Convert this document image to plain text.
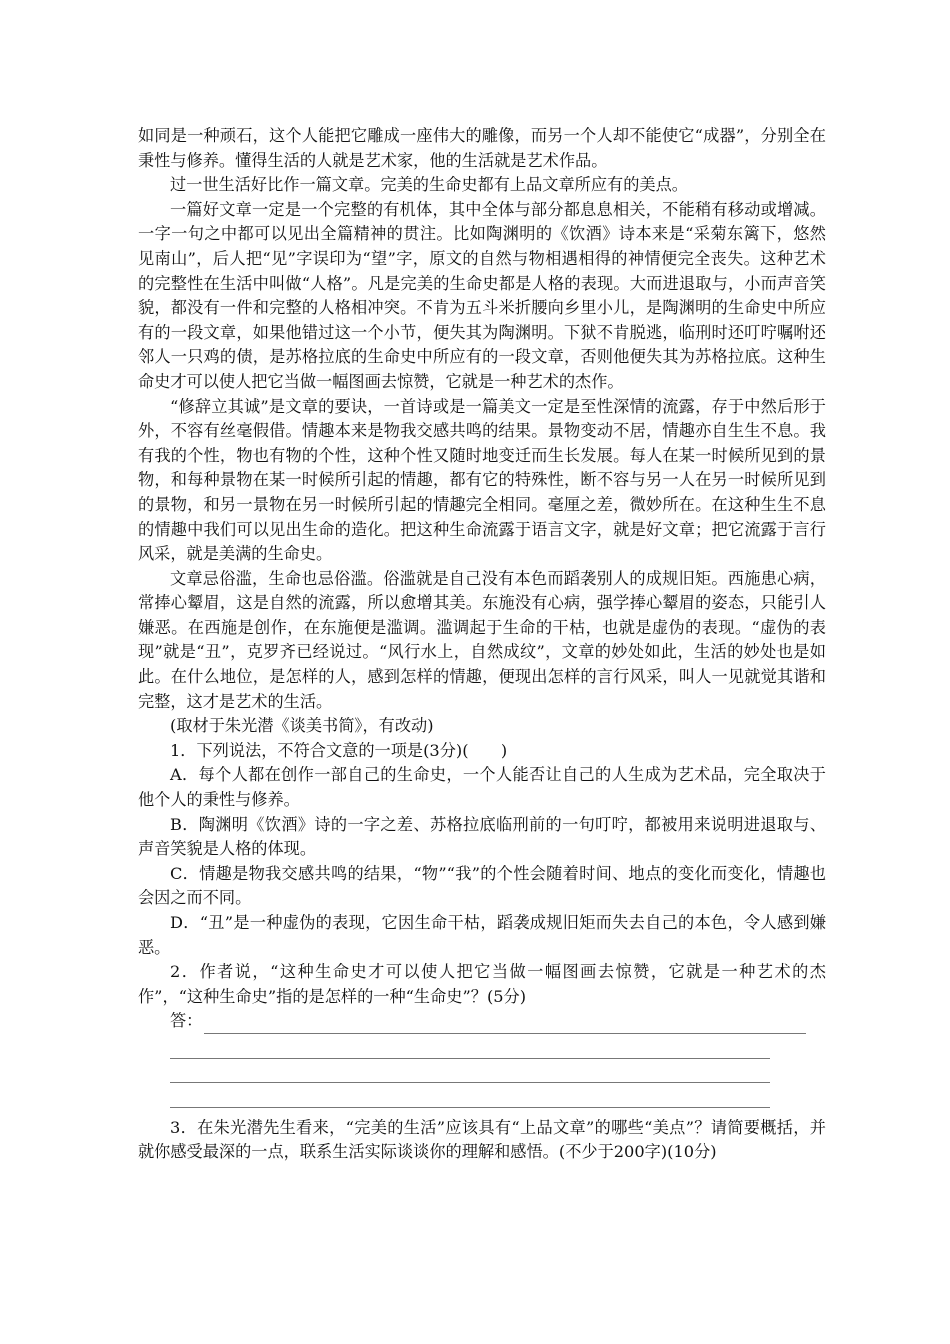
如同是一种顽石，这个人能把它雕成一座伟大的雕像，而另一个人却不能使它“成器”，分别全在秉性与修养。懂得生活的人就是艺术家，他的生活就是艺术作品。

过一世生活好比作一篇文章。完美的生命史都有上品文章所应有的美点。

一篇好文章一定是一个完整的有机体，其中全体与部分都息息相关，不能稍有移动或增减。一字一句之中都可以见出全篇精神的贯注。比如陶渊明的《饮酒》诗本来是“采菊东篱下，悠然见南山”，后人把“见”字误印为“望”字，原文的自然与物相遇相得的神情便完全丧失。这种艺术的完整性在生活中叫做“人格”。凡是完美的生命史都是人格的表现。大而进退取与，小而声音笑貌，都没有一件和完整的人格相冲突。不肯为五斗米折腰向乡里小儿，是陶渊明的生命史中所应有的一段文章，如果他错过这一个小节，便失其为陶渊明。下狱不肯脱逃，临刑时还叮咛嘱咐还邻人一只鸡的债，是苏格拉底的生命史中所应有的一段文章，否则他便失其为苏格拉底。这种生命史才可以使人把它当做一幅图画去惊赞，它就是一种艺术的杰作。

“修辞立其诚”是文章的要诀，一首诗或是一篇美文一定是至性深情的流露，存于中然后形于外，不容有丝毫假借。情趣本来是物我交感共鸣的结果。景物变动不居，情趣亦自生生不息。我有我的个性，物也有物的个性，这种个性又随时地变迁而生长发展。每人在某一时候所见到的景物，和每种景物在某一时候所引起的情趣，都有它的特殊性，断不容与另一人在另一时候所见到的景物，和另一景物在另一时候所引起的情趣完全相同。毫厘之差，微妙所在。在这种生生不息的情趣中我们可以见出生命的造化。把这种生命流露于语言文字，就是好文章；把它流露于言行风采，就是美满的生命史。

文章忌俗滥，生命也忌俗滥。俗滥就是自己没有本色而蹈袭别人的成规旧矩。西施患心病，常捧心颦眉，这是自然的流露，所以愈增其美。东施没有心病，强学捧心颦眉的姿态，只能引人嫌恶。在西施是创作，在东施便是滥调。滥调起于生命的干枯，也就是虚伪的表现。“虚伪的表现”就是“丑”，克罗齐已经说过。“风行水上，自然成纹”，文章的妙处如此，生活的妙处也是如此。在什么地位，是怎样的人，感到怎样的情趣，便现出怎样的言行风采，叫人一见就觉其谐和完整，这才是艺术的生活。

(取材于朱光潜《谈美书简》，有改动)

1．下列说法，不符合文意的一项是(3分)(　　)

A．每个人都在创作一部自己的生命史，一个人能否让自己的人生成为艺术品，完全取决于他个人的秉性与修养。

B．陶渊明《饮酒》诗的一字之差、苏格拉底临刑前的一句叮咛，都被用来说明进退取与、声音笑貌是人格的体现。

C．情趣是物我交感共鸣的结果，“物”“我”的个性会随着时间、地点的变化而变化，情趣也会因之而不同。

D．“丑”是一种虚伪的表现，它因生命干枯，蹈袭成规旧矩而失去自己的本色，令人感到嫌恶。

2．作者说，“这种生命史才可以使人把它当做一幅图画去惊赞，它就是一种艺术的杰作”，“这种生命史”指的是怎样的一种“生命史”？(5分)

答：

3．在朱光潜先生看来，“完美的生活”应该具有“上品文章”的哪些“美点”？请简要概括，并就你感受最深的一点，联系生活实际谈谈你的理解和感悟。(不少于200字)(10分)
